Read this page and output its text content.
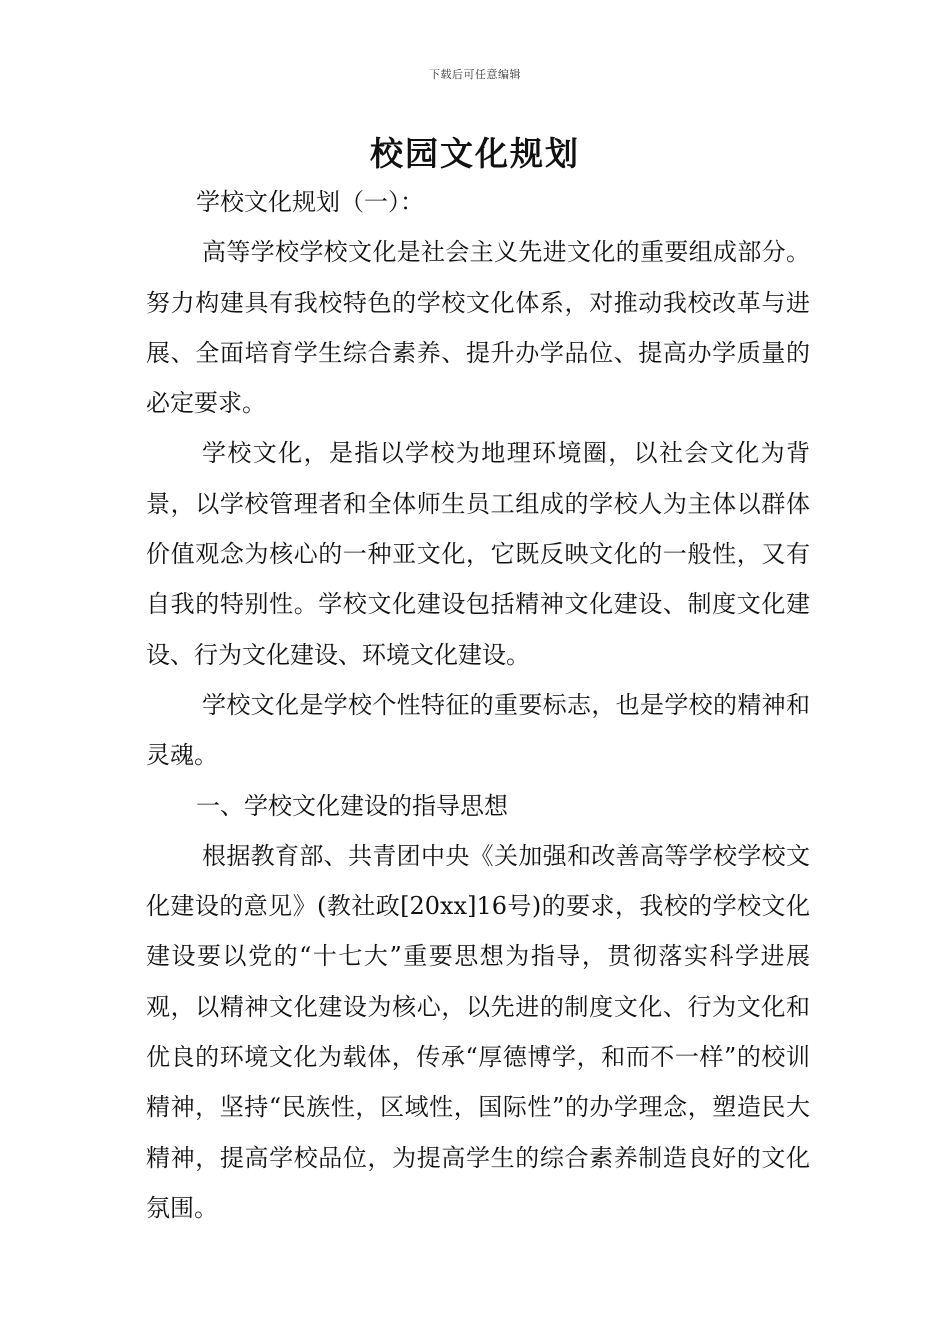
下载后可任意编辑
校园文化规划

学校文化规划（一）：

高等学校学校文化是社会主义先进文化的重要组成部分。努力构建具有我校特色的学校文化体系，对推动我校改革与进展、全面培育学生综合素养、提升办学品位、提高办学质量的必定要求。

学校文化，是指以学校为地理环境圈，以社会文化为背景，以学校管理者和全体师生员工组成的学校人为主体以群体价值观念为核心的一种亚文化，它既反映文化的一般性，又有自我的特别性。学校文化建设包括精神文化建设、制度文化建设、行为文化建设、环境文化建设。

学校文化是学校个性特征的重要标志，也是学校的精神和灵魂。

一、学校文化建设的指导思想

根据教育部、共青团中央《关加强和改善高等学校学校文化建设的意见》(教社政[20xx]16号)的要求，我校的学校文化建设要以党的“十七大”重要思想为指导，贯彻落实科学进展观，以精神文化建设为核心，以先进的制度文化、行为文化和优良的环境文化为载体，传承“厚德博学，和而不一样”的校训精神，坚持“民族性，区域性，国际性”的办学理念，塑造民大精神，提高学校品位，为提高学生的综合素养制造良好的文化氛围。
